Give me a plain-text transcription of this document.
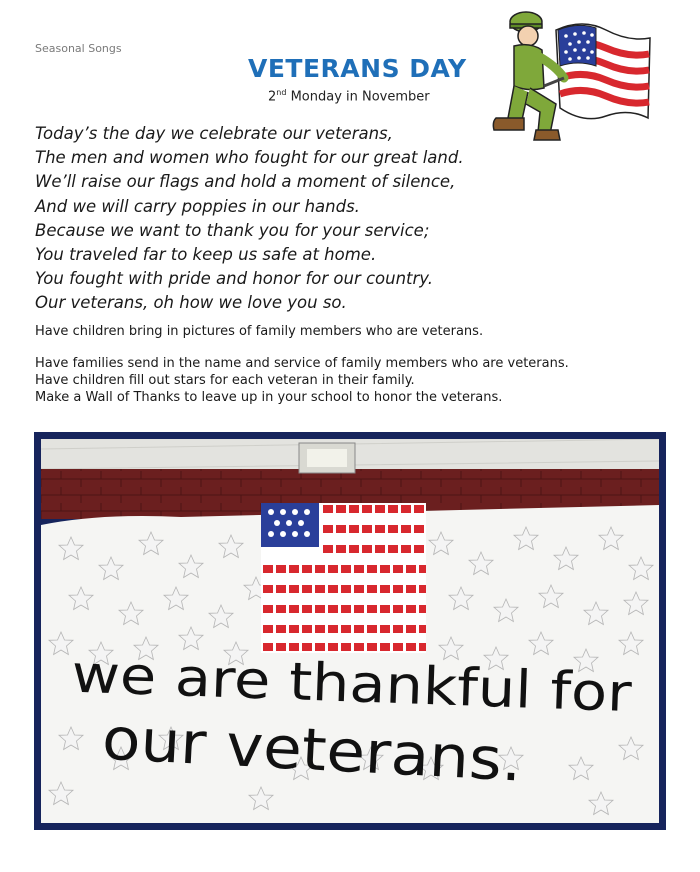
Seasonal Songs
VETERANS DAY
2nd Monday in November
Today’s the day we celebrate our veterans,
The men and women who fought for our great land.
We’ll raise our flags and hold a moment of silence,
And we will carry poppies in our hands.
Because we want to thank you for your service;
You traveled far to keep us safe at home.
You fought with pride and honor for our country.
Our veterans, oh how we love you so.

Have children bring in pictures of family members who are veterans.

Have families send in the name and service of family members who are veterans.
Have children fill out stars for each veteran in their family.
Make a Wall of Thanks to leave up in your school to honor the veterans.
we are thankful for
our veterans.
